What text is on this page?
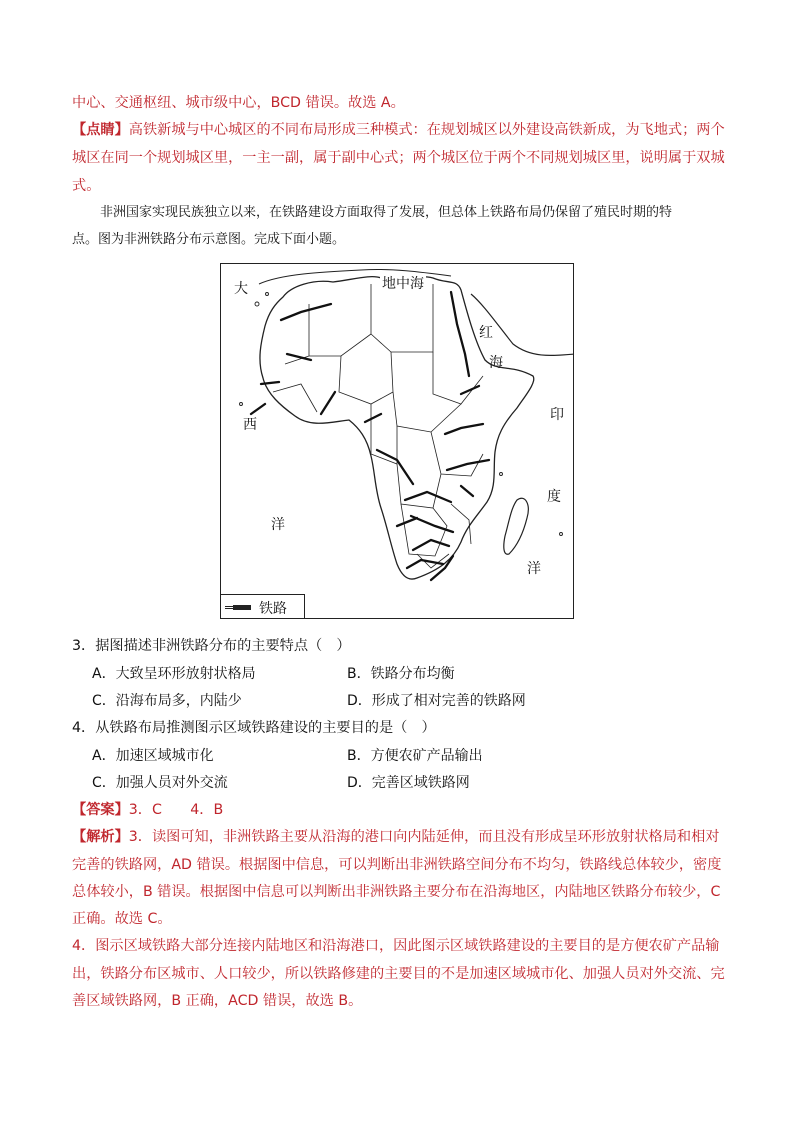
中心、交通枢纽、城市级中心，BCD 错误。故选 A。
【点睛】高铁新城与中心城区的不同布局形成三种模式：在规划城区以外建设高铁新成，为飞地式；两个
城区在同一个规划城区里，一主一副，属于副中心式；两个城区位于两个不同规划城区里，说明属于双城
式。
非洲国家实现民族独立以来，在铁路建设方面取得了发展，但总体上铁路布局仍保留了殖民时期的特
点。图为非洲铁路分布示意图。完成下面小题。
大
西
洋
地中海
红
海
印
度
洋
铁路
3．据图描述非洲铁路分布的主要特点（　）
A．大致呈环形放射状格局	B．铁路分布均衡
C．沿海布局多，内陆少	D．形成了相对完善的铁路网
4．从铁路布局推测图示区域铁路建设的主要目的是（　）
A．加速区域城市化	B．方便农矿产品输出
C．加强人员对外交流	D．完善区域铁路网
【答案】3．C　　4．B
【解析】3．读图可知，非洲铁路主要从沿海的港口向内陆延伸，而且没有形成呈环形放射状格局和相对
完善的铁路网，AD 错误。根据图中信息，可以判断出非洲铁路空间分布不均匀，铁路线总体较少，密度
总体较小，B 错误。根据图中信息可以判断出非洲铁路主要分布在沿海地区，内陆地区铁路分布较少，C
正确。故选 C。
4．图示区域铁路大部分连接内陆地区和沿海港口，因此图示区域铁路建设的主要目的是方便农矿产品输
出，铁路分布区城市、人口较少，所以铁路修建的主要目的不是加速区域城市化、加强人员对外交流、完
善区域铁路网，B 正确，ACD 错误，故选 B。
